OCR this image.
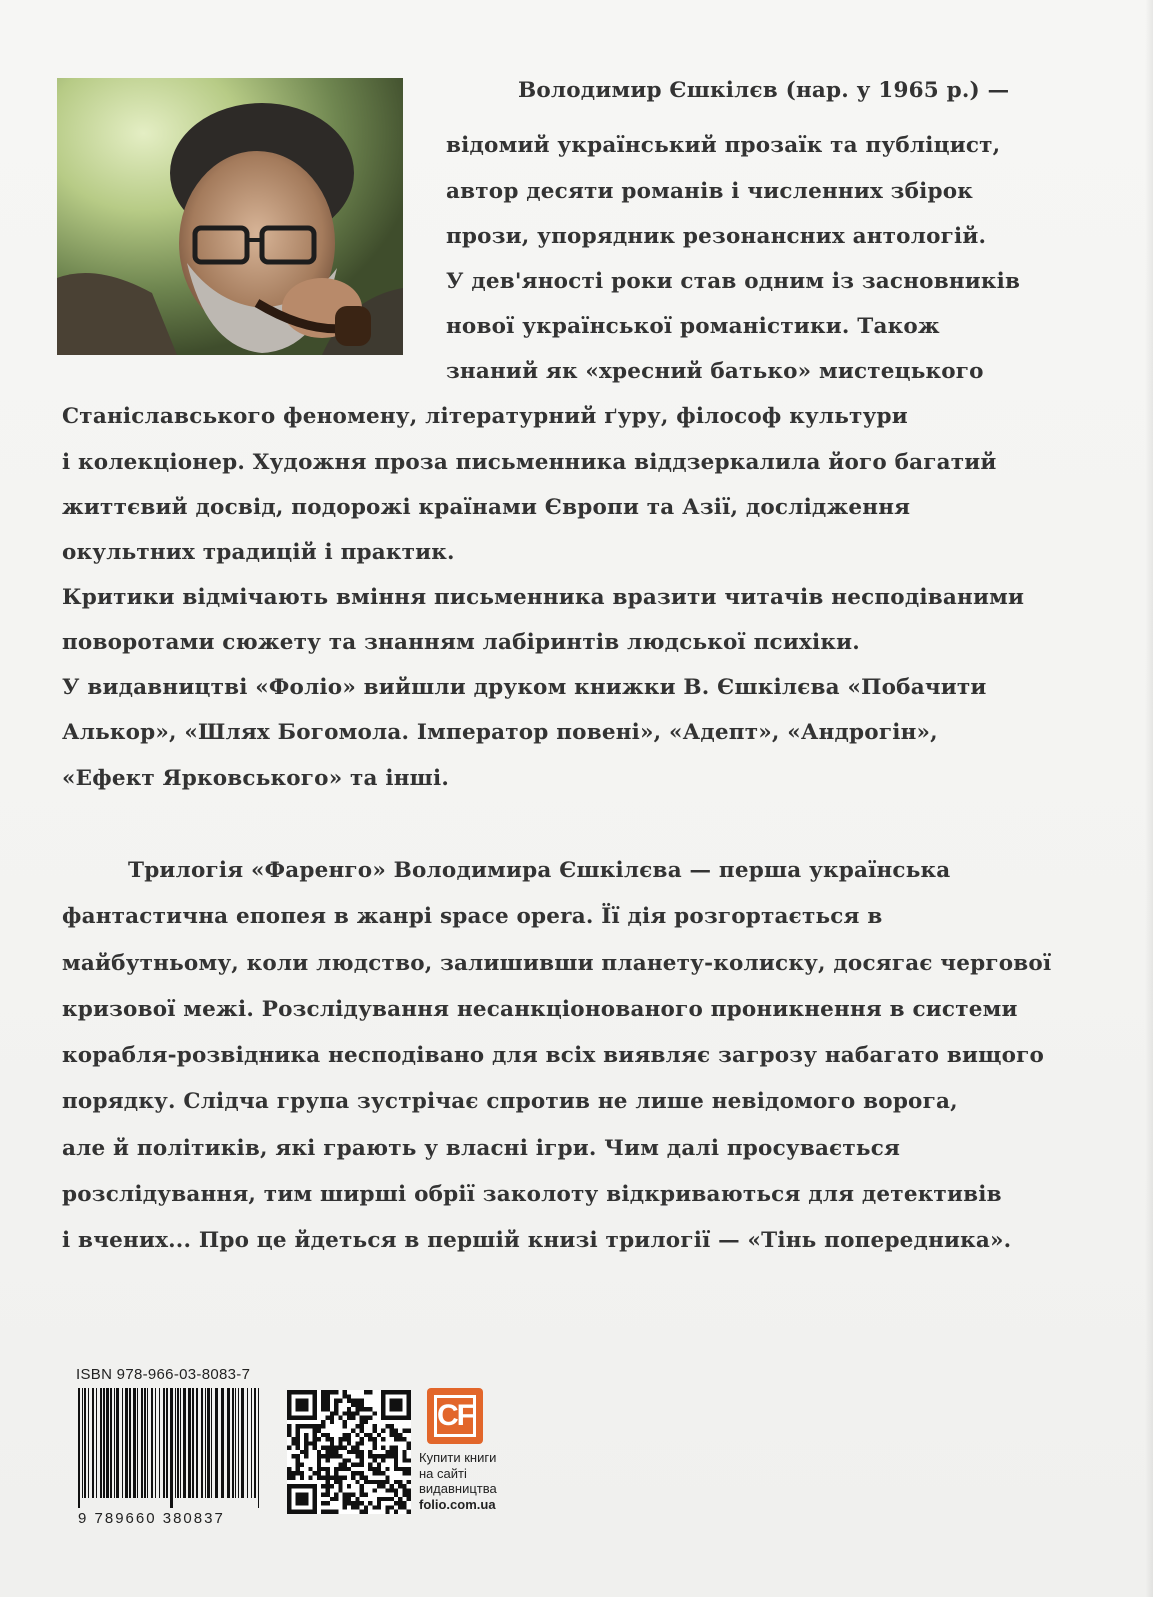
Володимир Єшкілєв (нар. у 1965 р.) —
відомий український прозаїк та публіцист,
автор десяти романів і численних збірок
прози, упорядник резонансних антологій.
У дев'яності роки став одним із засновників
нової української романістики. Також
знаний як «хресний батько» мистецького
Станіславського феномену, літературний ґуру, філософ культури
і колекціонер. Художня проза письменника віддзеркалила його багатий
життєвий досвід, подорожі країнами Європи та Азії, дослідження
окультних традицій і практик.
Критики відмічають вміння письменника вразити читачів несподіваними
поворотами сюжету та знанням лабіринтів людської психіки.
У видавництві «Фоліо» вийшли друком книжки В. Єшкілєва «Побачити
Алькор», «Шлях Богомола. Імператор повені», «Адепт», «Андрогін»,
«Ефект Ярковського» та інші.
Трилогія «Фаренго» Володимира Єшкілєва — перша українська
фантастична епопея в жанрі space opera. Її дія розгортається в
майбутньому, коли людство, залишивши планету-колиску, досягає чергової
кризової межі. Розслідування несанкціонованого проникнення в системи
корабля-розвідника несподівано для всіх виявляє загрозу набагато вищого
порядку. Слідча група зустрічає спротив не лише невідомого ворога,
але й політиків, які грають у власні ігри. Чим далі просувається
розслідування, тим ширші обрії заколоту відкриваються для детективів
і вчених... Про це йдеться в першій книзі трилогії — «Тінь попередника».
ISBN 978-966-03-8083-7
9 789660 380837
CF
Купити книги
на сайті
видавництва
folio.com.ua
